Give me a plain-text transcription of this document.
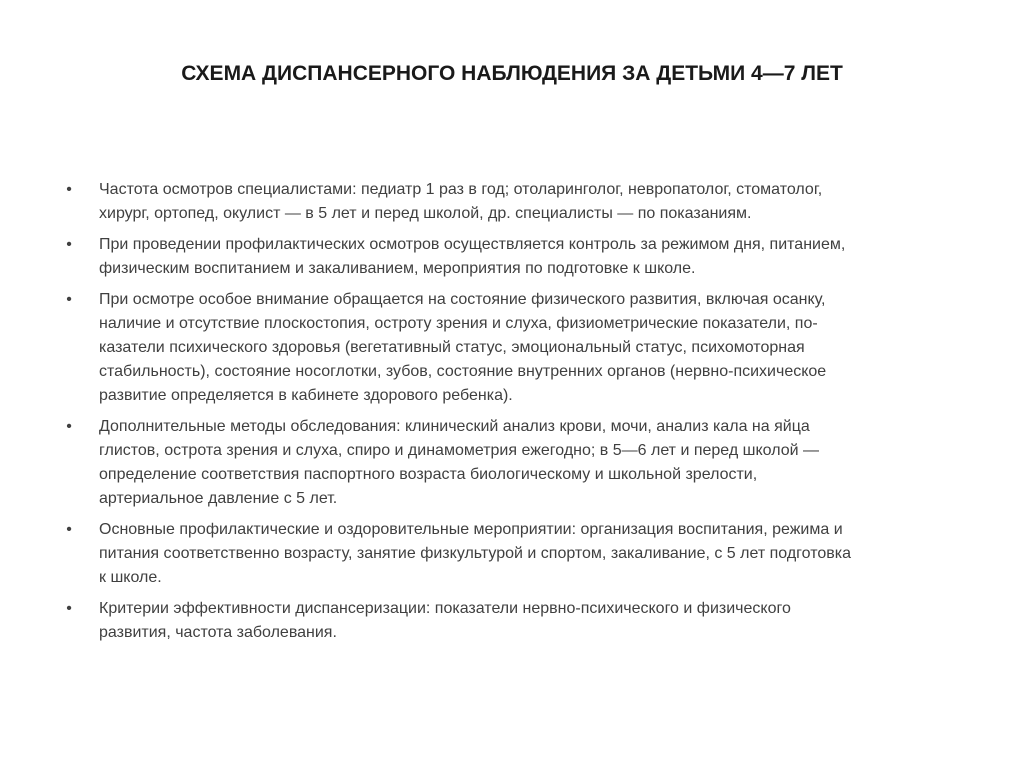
СХЕМА ДИСПАНСЕРНОГО НАБЛЮДЕНИЯ ЗА ДЕТЬМИ 4—7 ЛЕТ
• Частота осмотров специалистами: педиатр 1 раз в год; отоларинголог, невропатолог, стоматолог,
хирург, ортопед, окулист — в 5 лет и перед школой, др. специалисты — по показаниям.
• При проведении профилактических осмотров осуществляется контроль за режимом дня, питанием,
физическим воспитанием и закаливанием, мероприятия по подготовке к школе.
• При осмотре особое внимание обращается на состояние физического развития, включая осанку,
наличие и отсутствие плоскостопия, остроту зрения и слуха, физиометрические показатели, по-
казатели психического здоровья (вегетативный статус, эмоциональный статус, психомоторная
стабильность), состояние носоглотки, зубов, состояние внутренних органов (нервно-психическое
развитие определяется в кабинете здорового ребенка).
• Дополнительные методы обследования: клинический анализ крови, мочи, анализ кала на яйца
глистов, острота зрения и слуха, спиро и динамометрия ежегодно; в 5—6 лет и перед школой —
определение соответствия паспортного возраста биологическому и школьной зрелости,
артериальное давление с 5 лет.
• Основные профилактические и оздоровительные мероприятии: организация воспитания, режима и
питания соответственно возрасту, занятие физкультурой и спортом, закаливание, с 5 лет подготовка
к школе.
• Критерии эффективности диспансеризации: показатели нервно-психического и физического
развития, частота заболевания.
